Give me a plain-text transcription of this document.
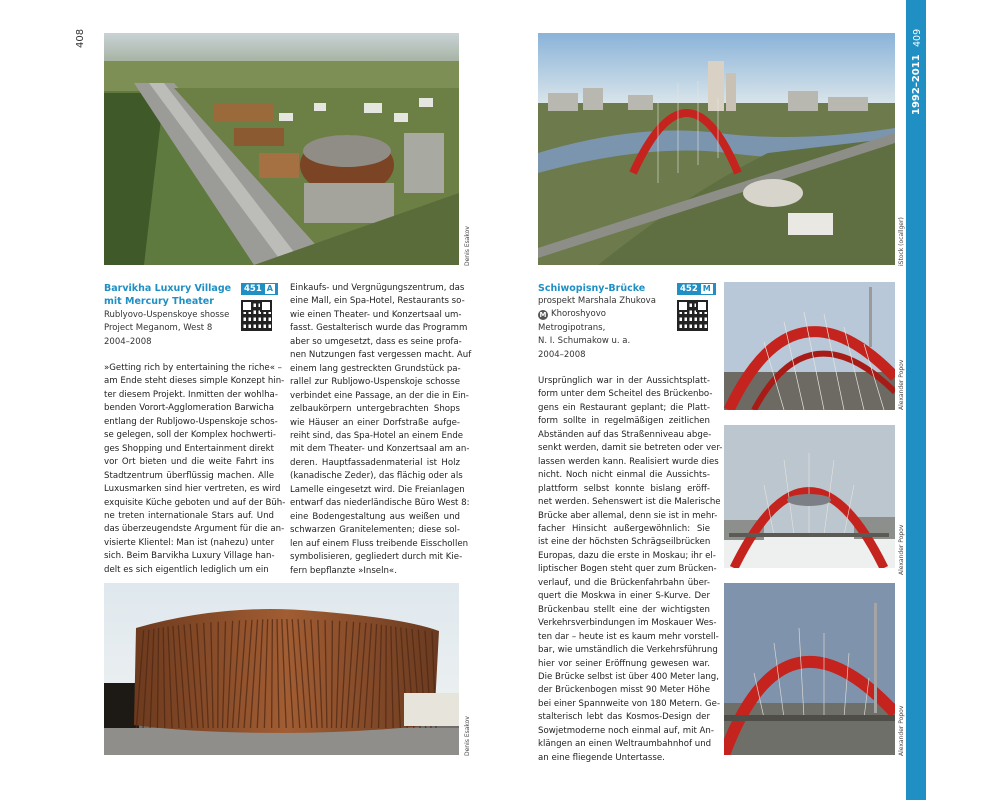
408
Denis Esakov
Barvikha Luxury Village
mit Mercury Theater
451 A
Rublyovo-Uspenskoye shosse
Project Meganom, West 8
2004–2008
»Getting rich by entertaining the riche« –
am Ende steht dieses simple Konzept hin-
ter diesem Projekt. Inmitten der wohlha-
benden Vorort-Agglomeration Barwicha
entlang der Rubljowo-Uspenskoje schos-
se gelegen, soll der Komplex hochwerti-
ges Shopping und Entertainment direkt
vor Ort bieten und die weite Fahrt ins
Stadtzentrum überflüssig machen. Alle
Luxusmarken sind hier vertreten, es wird
exquisite Küche geboten und auf der Büh-
ne treten internationale Stars auf. Und
das überzeugendste Argument für die an-
visierte Klientel: Man ist (nahezu) unter
sich. Beim Barvikha Luxury Village han-
delt es sich eigentlich lediglich um ein
Einkaufs- und Vergnügungszentrum, das
eine Mall, ein Spa-Hotel, Restaurants so-
wie einen Theater- und Konzertsaal um-
fasst. Gestalterisch wurde das Programm
aber so umgesetzt, dass es seine profa-
nen Nutzungen fast vergessen macht. Auf
einem lang gestreckten Grundstück pa-
rallel zur Rubljowo-Uspenskoje schosse
verbindet eine Passage, an der die in Ein-
zelbaukörpern untergebrachten Shops
wie Häuser an einer Dorfstraße aufge-
reiht sind, das Spa-Hotel an einem Ende
mit dem Theater- und Konzertsaal am an-
deren. Hauptfassadenmaterial ist Holz
(kanadische Zeder), das flächig oder als
Lamelle eingesetzt wird. Die Freianlagen
entwarf das niederländische Büro West 8:
eine Bodengestaltung aus weißen und
schwarzen Granitelementen; diese sol-
len auf einem Fluss treibende Eisschollen
symbolisieren, gegliedert durch mit Kie-
fern bepflanzte »Inseln«.
Denis Esakov
409
1992–2011
iStock (ocallger)
Schiwopisny-Brücke	452 M
prospekt Marshala Zhukova
M Khoroshyovo
Metrogipotrans,
N. I. Schumakow u. a.
2004–2008
Ursprünglich war in der Aussichtsplatt-
form unter dem Scheitel des Brückenbo-
gens ein Restaurant geplant; die Platt-
form sollte in regelmäßigen zeitlichen
Abständen auf das Straßenniveau abge-
senkt werden, damit sie betreten oder ver-
lassen werden kann. Realisiert wurde dies
nicht. Noch nicht einmal die Aussichts-
plattform selbst konnte bislang eröff-
net werden. Sehenswert ist die Malerische
Brücke aber allemal, denn sie ist in mehr-
facher Hinsicht außergewöhnlich: Sie
ist eine der höchsten Schrägseilbrücken
Europas, dazu die erste in Moskau; ihr el-
liptischer Bogen steht quer zum Brücken-
verlauf, und die Brückenfahrbahn über-
quert die Moskwa in einer S-Kurve. Der
Brückenbau stellt eine der wichtigsten
Verkehrsverbindungen im Moskauer Wes-
ten dar – heute ist es kaum mehr vorstell-
bar, wie umständlich die Verkehrsführung
hier vor seiner Eröffnung gewesen war.
Die Brücke selbst ist über 400 Meter lang,
der Brückenbogen misst 90 Meter Höhe
bei einer Spannweite von 180 Metern. Ge-
stalterisch lebt das Kosmos-Design der
Sowjetmoderne noch einmal auf, mit An-
klängen an einen Weltraumbahnhof und
an eine fliegende Untertasse.
Alexander Popov
Alexander Popov
Alexander Popov
